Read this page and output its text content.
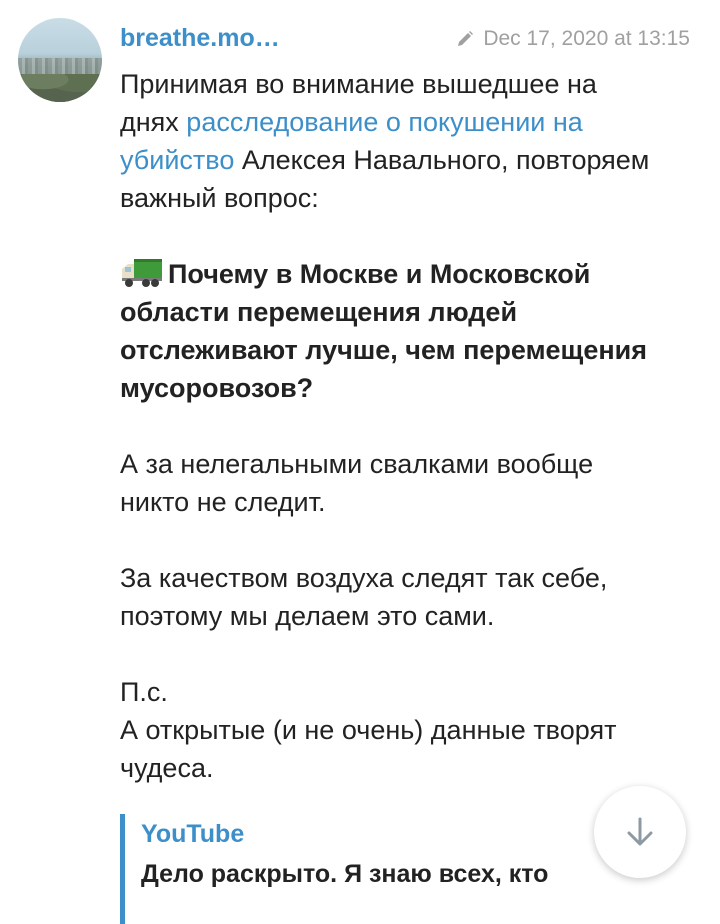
breathe.mo…	Dec 17, 2020 at 13:15

Принимая во внимание вышедшее на днях расследование о покушении на убийство Алексея Навального, повторяем важный вопрос:

Почему в Москве и Московской области перемещения людей отслеживают лучше, чем перемещения мусоровозов?

А за нелегальными свалками вообще никто не следит.

За качеством воздуха следят так себе, поэтому мы делаем это сами.

П.с.

А открытые (и не очень) данные творят чудеса.

YouTube
Дело раскрыто. Я знаю всех, кто
